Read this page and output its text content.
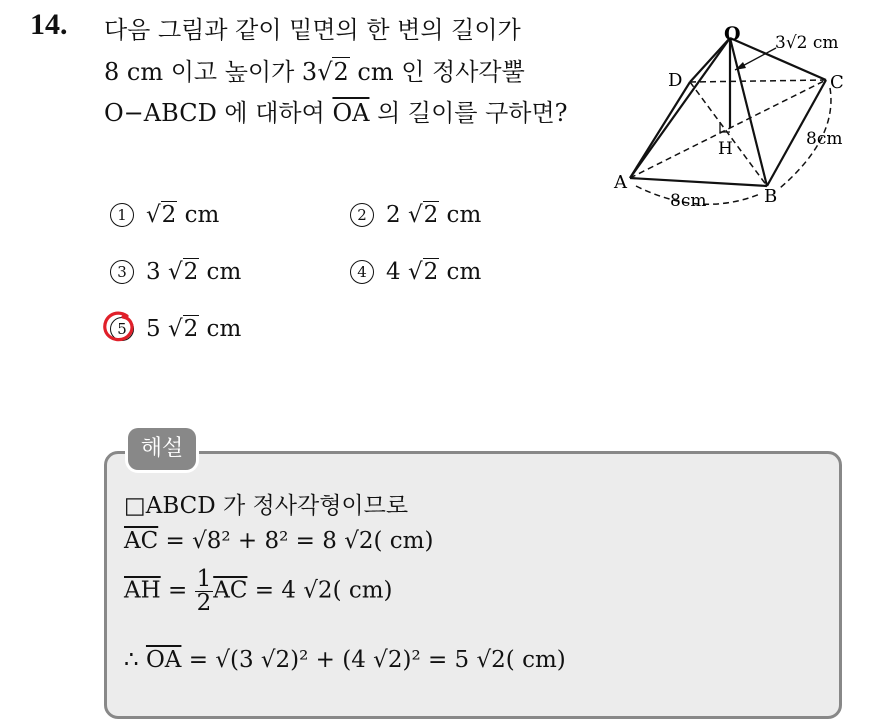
14. 다음 그림과 같이 밑면의 한 변의 길이가
8 cm 이고 높이가 3√2 cm 인 정사각뿔
O−ABCD 에 대하여 $\overline{OA}$ 의 길이를 구하면?
O
D	C
A
B
H
3√2 cm
8cm
8cm
1 √2 cm	2 2 √2 cm
3 3 √2 cm	4 4 √2 cm
5 5 √2 cm
해설
□ABCD 가 정사각형이므로
$\overline{AC} = √8^2 + 8^2 = 8$ √2( cm)
$\overline{AH} = \frac{1}{2} \overline{AC} = 4$ √2( cm)
∴ $\overline{OA} = √(3$ √2)² + (4 √2)² = 5 √2( cm)
